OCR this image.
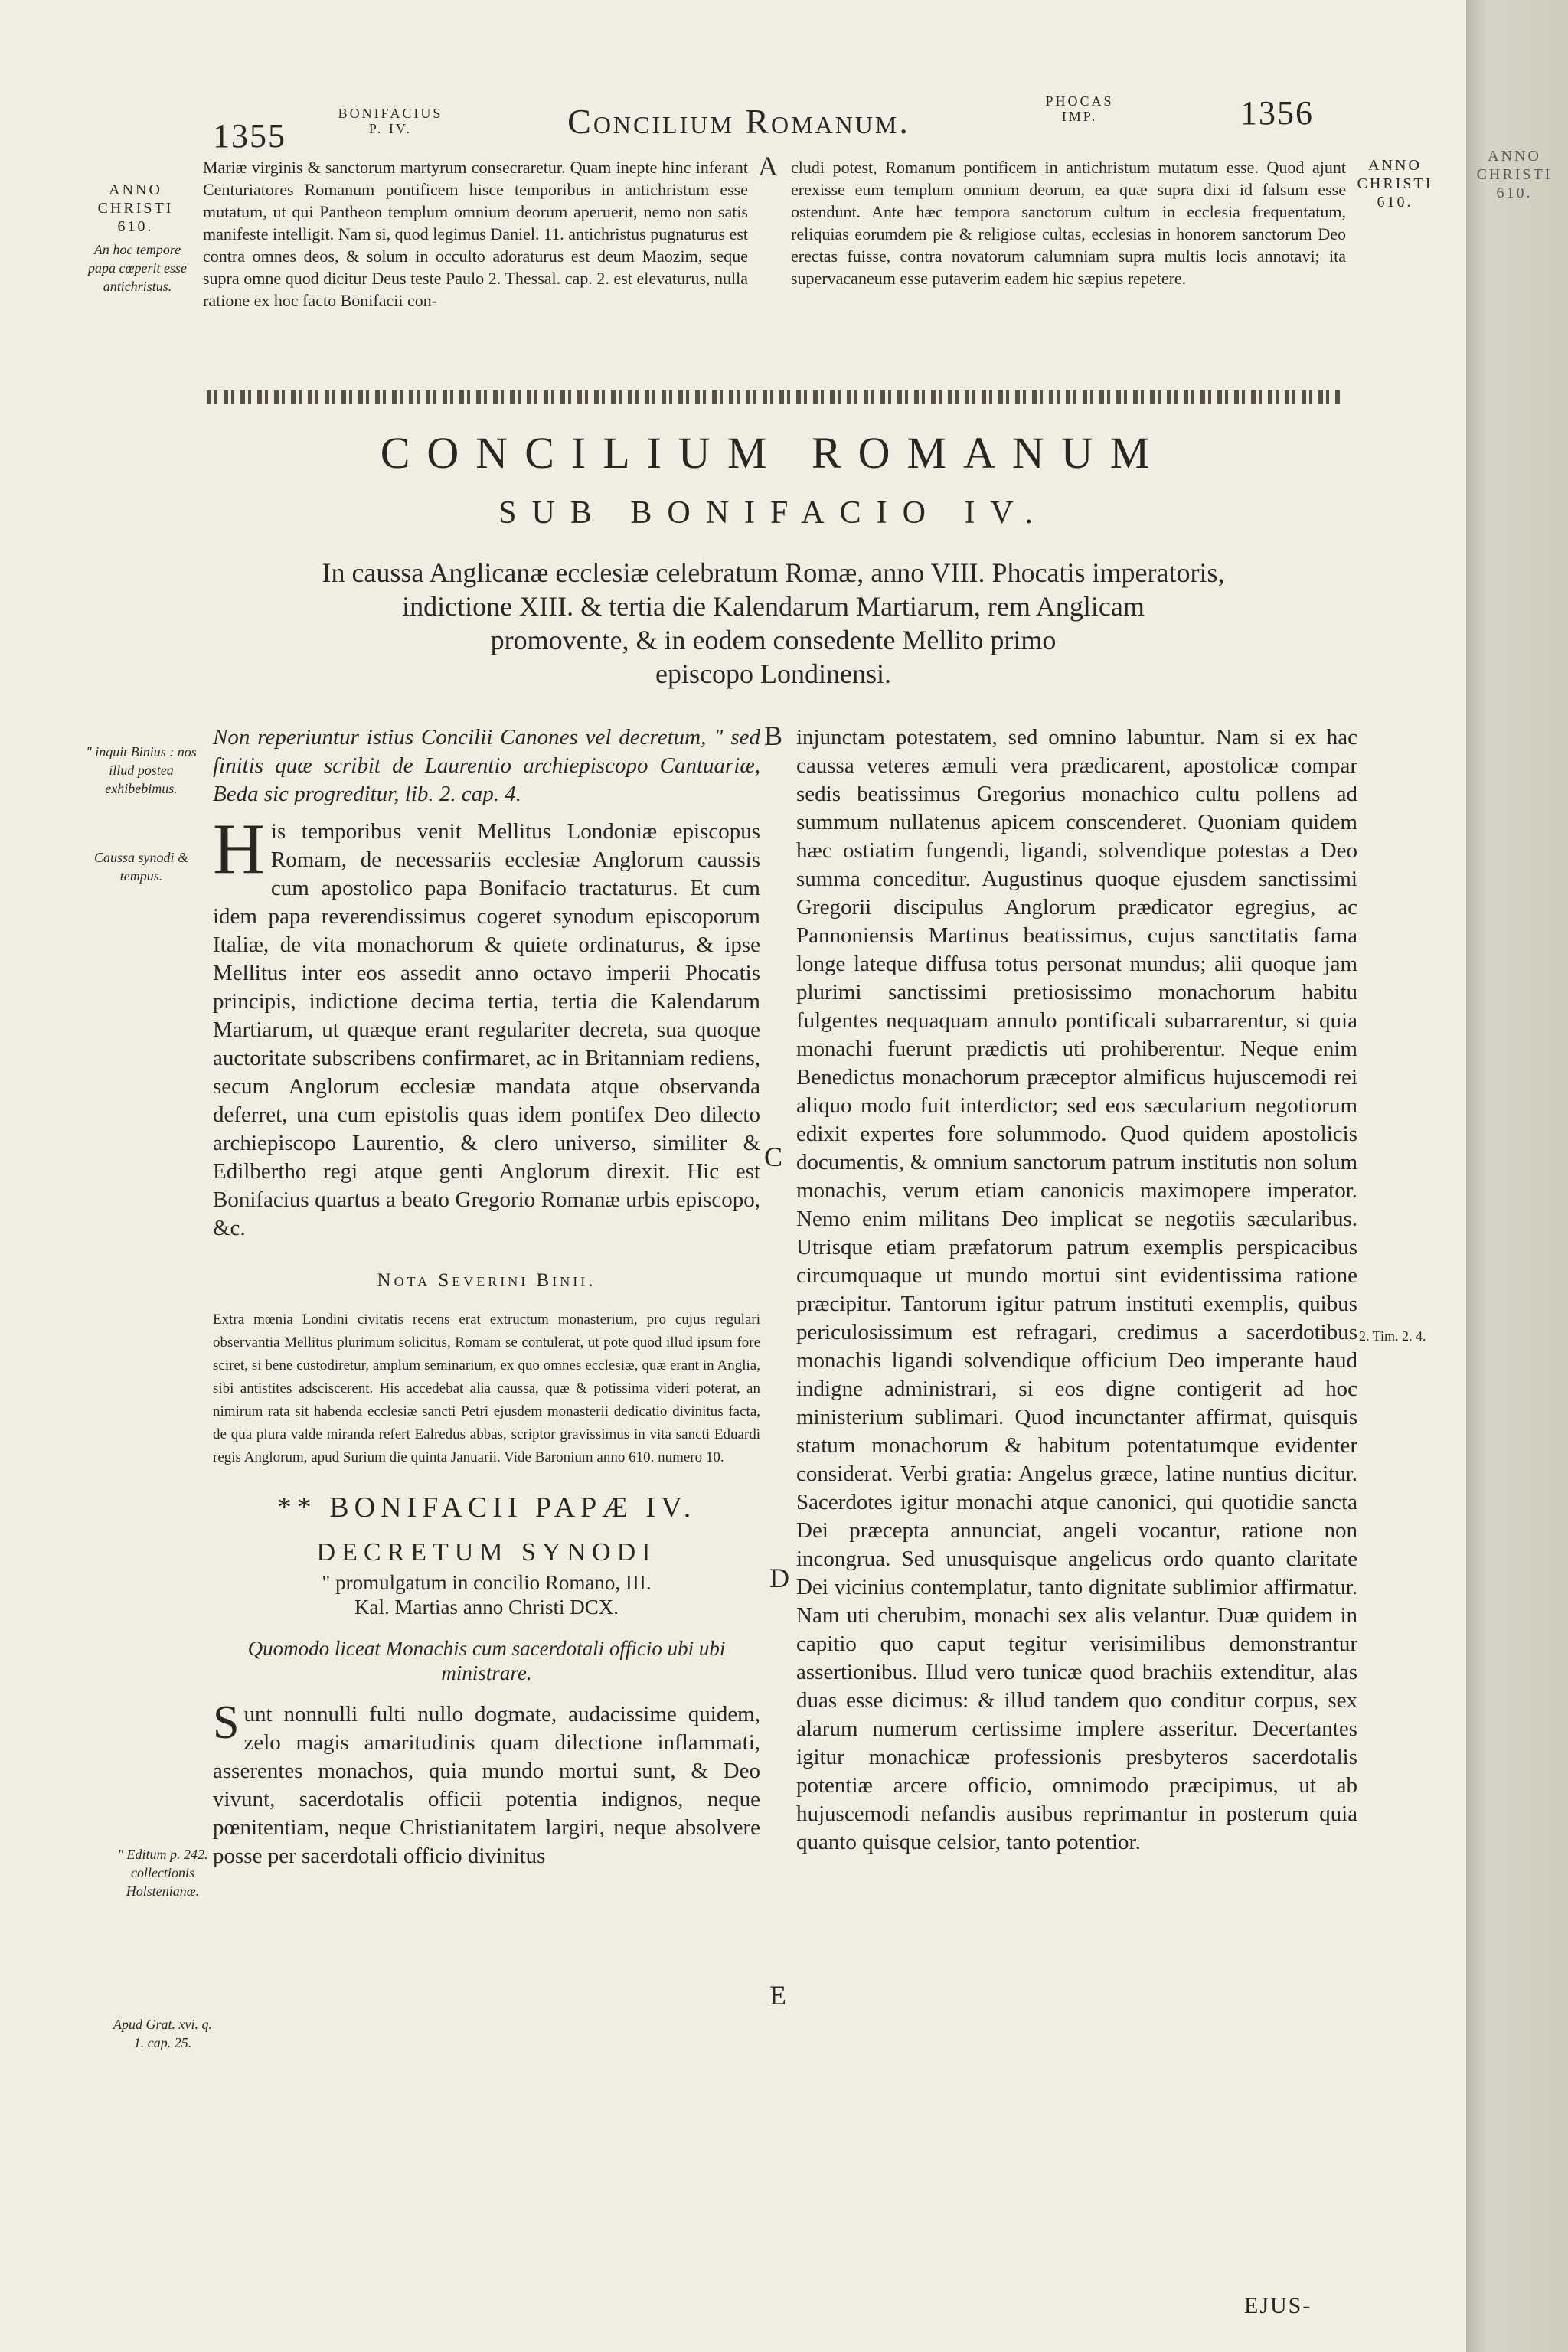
1355
BONIFACIUS
P. IV.	Concilium Romanum.
PHOCAS
IMP.	1356
ANNO
CHRISTI
610.
An hoc tempore papa cœperit esse antichristus.

Mariæ virginis & sanctorum martyrum consecraretur. Quam inepte hinc inferant Centuriatores Romanum pontificem hisce temporibus in antichristum esse mutatum, ut qui Pantheon templum omnium deorum aperuerit, nemo non satis manifeste intelligit. Nam si, quod legimus Daniel. 11. antichristus pugnaturus est contra omnes deos, & solum in occulto adoraturus est deum Maozim, seque supra omne quod dicitur Deus teste Paulo 2. Thessal. cap. 2. est elevaturus, nulla ratione ex hoc facto Bonifacii con-

A cludi potest, Romanum pontificem in antichristum mutatum esse. Quod ajunt erexisse eum templum omnium deorum, ea quæ supra dixi id falsum esse ostendunt. Ante hæc tempora sanctorum cultum in ecclesia frequentatum, reliquias eorumdem pie & religiose cultas, ecclesias in honorem sanctorum Deo erectas fuisse, contra novatorum calumniam supra multis locis annotavi; ita supervacaneum esse putaverim eadem hic sæpius repetere.

ANNO
CHRISTI
610.
CONCILIUM ROMANUM
SUB BONIFACIO IV.
In caussa Anglicanæ ecclesiæ celebratum Romæ, anno VIII. Phocatis imperatoris,
indictione XIII. & tertia die Kalendarum Martiarum, rem Anglicam
promovente, & in eodem consedente Mellito primo
episcopo Londinensi.
" inquit Binius : nos illud postea exhibebimus.
Caussa synodi & tempus.
" Editum p. 242. collectionis Holstenianæ.
Apud Grat. xvi. q. 1. cap. 25.
Non reperiuntur istius Concilii Canones vel decretum, " sed finitis quæ scribit de Laurentio archiepiscopo Cantuariæ, Beda sic progreditur, lib. 2. cap. 4.
H is temporibus venit Mellitus Londoniæ episcopus Romam, de necessariis ecclesiæ Anglorum caussis cum apostolico papa Bonifacio tractaturus. Et cum idem papa reverendissimus cogeret synodum episcoporum Italiæ, de vita monachorum & quiete ordinaturus, & ipse Mellitus inter eos assedit anno octavo imperii Phocatis principis, indictione decima tertia, tertia die Kalendarum Martiarum, ut quæque erant regulariter decreta, sua quoque auctoritate subscribens confirmaret, ac in Britanniam rediens, secum Anglorum ecclesiæ mandata atque observanda deferret, una cum epistolis quas idem pontifex Deo dilecto archiepiscopo Laurentio, & clero universo, similiter & Edilbertho regi atque genti Anglorum direxit. Hic est Bonifacius quartus a beato Gregorio Romanæ urbis episcopo, &c.
Nota Severini Binii.

Extra mœnia Londini civitatis recens erat extructum monasterium, pro cujus regulari observantia Mellitus plurimum solicitus, Romam se contulerat, ut pote quod illud ipsum fore sciret, si bene custodiretur, amplum seminarium, ex quo omnes ecclesiæ, quæ erant in Anglia, sibi antistites adsciscerent. His accedebat alia caussa, quæ & potissima videri poterat, an nimirum rata sit habenda ecclesiæ sancti Petri ejusdem monasterii dedicatio divinitus facta, de qua plura valde miranda refert Ealredus abbas, scriptor gravissimus in vita sancti Eduardi regis Anglorum, apud Surium die quinta Januarii. Vide Baronium anno 610. numero 10.

** BONIFACII PAPÆ IV.
DECRETUM SYNODI
" promulgatum in concilio Romano, III.
Kal. Martias anno Christi DCX.
Quomodo liceat Monachis cum sacerdotali officio ubi ubi ministrare.
S unt nonnulli fulti nullo dogmate, audacissime quidem, zelo magis amaritudinis quam dilectione inflammati, asserentes monachos, quia mundo mortui sunt, & Deo vivunt, sacerdotalis officii potentia indignos, neque pœnitentiam, neque Christianitatem largiri, neque absolvere posse per sacerdotali officio divinitus
B
C
D
E

injunctam potestatem, sed omnino labuntur. Nam si ex hac caussa veteres æmuli vera prædicarent, apostolicæ compar sedis beatissimus Gregorius monachico cultu pollens ad summum nullatenus apicem conscenderet. Quoniam quidem hæc ostiatim fungendi, ligandi, solvendique potestas a Deo summa conceditur. Augustinus quoque ejusdem sanctissimi Gregorii discipulus Anglorum prædicator egregius, ac Pannoniensis Martinus beatissimus, cujus sanctitatis fama longe lateque diffusa totus personat mundus; alii quoque jam plurimi sanctissimi pretiosissimo monachorum habitu fulgentes nequaquam annulo pontificali subarrarentur, si quia monachi fuerunt prædictis uti prohiberentur. Neque enim Benedictus monachorum præceptor almificus hujuscemodi rei aliquo modo fuit interdictor; sed eos sæcularium negotiorum edixit expertes fore solummodo. Quod quidem apostolicis documentis, & omnium sanctorum patrum institutis non solum monachis, verum etiam canonicis maximopere imperator. Nemo enim militans Deo implicat se negotiis sæcularibus. Utrisque etiam præfatorum patrum exemplis perspicacibus circumquaque ut mundo mortui sint evidentissima ratione præcipitur. Tantorum igitur patrum instituti exemplis, quibus periculosissimum est refragari, credimus a sacerdotibus monachis ligandi solvendique officium Deo imperante haud indigne administrari, si eos digne contigerit ad hoc ministerium sublimari. Quod incunctanter affirmat, quisquis statum monachorum & habitum potentatumque evidenter considerat. Verbi gratia: Angelus græce, latine nuntius dicitur. Sacerdotes igitur monachi atque canonici, qui quotidie sancta Dei præcepta annunciat, angeli vocantur, ratione non incongrua. Sed unusquisque angelicus ordo quanto claritate Dei vicinius contemplatur, tanto dignitate sublimior affirmatur. Nam uti cherubim, monachi sex alis velantur. Duæ quidem in capitio quo caput tegitur verisimilibus demonstrantur assertionibus. Illud vero tunicæ quod brachiis extenditur, alas duas esse dicimus: & illud tandem quo conditur corpus, sex alarum numerum certissime implere asseritur. Decertantes igitur monachicæ professionis presbyteros sacerdotalis potentiæ arcere officio, omnimodo præcipimus, ut ab hujuscemodi nefandis ausibus reprimantur in posterum quia quanto quisque celsior, tanto potentior.

2. Tim. 2. 4.
EJUS-
ANNO
CHRISTI
610.
